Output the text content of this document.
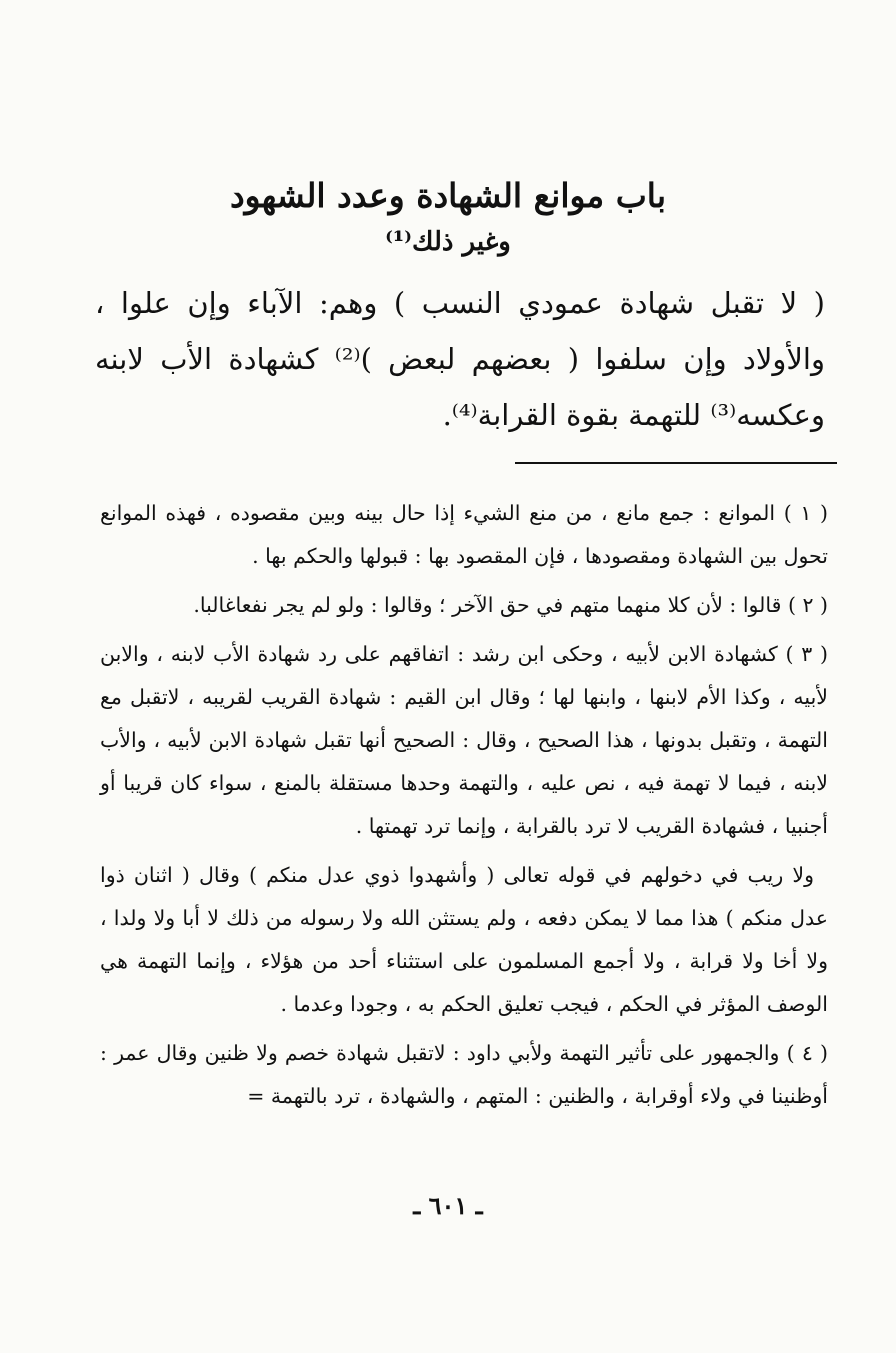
باب موانع الشهادة وعدد الشهود
وغير ذلك⁽¹⁾
( لا تقبل شهادة عمودي النسب ) وهم: الآباء وإن علوا ، والأولاد وإن سلفوا ( بعضهم لبعض )⁽²⁾ كشهادة الأب لابنه وعكسه⁽³⁾ للتهمة بقوة القرابة⁽⁴⁾.

( ١ ) الموانع : جمع مانع ، من منع الشيء إذا حال بينه وبين مقصوده ، فهذه الموانع تحول بين الشهادة ومقصودها ، فإن المقصود بها : قبولها والحكم بها .

( ٢ ) قالوا : لأن كلا منهما متهم في حق الآخر ؛ وقالوا : ولو لم يجر نفعاغالبا.

( ٣ ) كشهادة الابن لأبيه ، وحكى ابن رشد : اتفاقهم على رد شهادة الأب لابنه ، والابن لأبيه ، وكذا الأم لابنها ، وابنها لها ؛ وقال ابن القيم : شهادة القريب لقريبه ، لاتقبل مع التهمة ، وتقبل بدونها ، هذا الصحيح ، وقال : الصحيح أنها تقبل شهادة الابن لأبيه ، والأب لابنه ، فيما لا تهمة فيه ، نص عليه ، والتهمة وحدها مستقلة بالمنع ، سواء كان قريبا أو أجنبيا ، فشهادة القريب لا ترد بالقرابة ، وإنما ترد تهمتها .

ولا ريب في دخولهم في قوله تعالى ( وأشهدوا ذوي عدل منكم ) وقال ( اثنان ذوا عدل منكم ) هذا مما لا يمكن دفعه ، ولم يستثن الله ولا رسوله من ذلك لا أبا ولا ولدا ، ولا أخا ولا قرابة ، ولا أجمع المسلمون على استثناء أحد من هؤلاء ، وإنما التهمة هي الوصف المؤثر في الحكم ، فيجب تعليق الحكم به ، وجودا وعدما .

( ٤ ) والجمهور على تأثير التهمة ولأبي داود : لاتقبل شهادة خصم ولا ظنين وقال عمر : أوظنينا في ولاء أوقرابة ، والظنين : المتهم ، والشهادة ، ترد بالتهمة =

ـ ٦٠١ ـ
